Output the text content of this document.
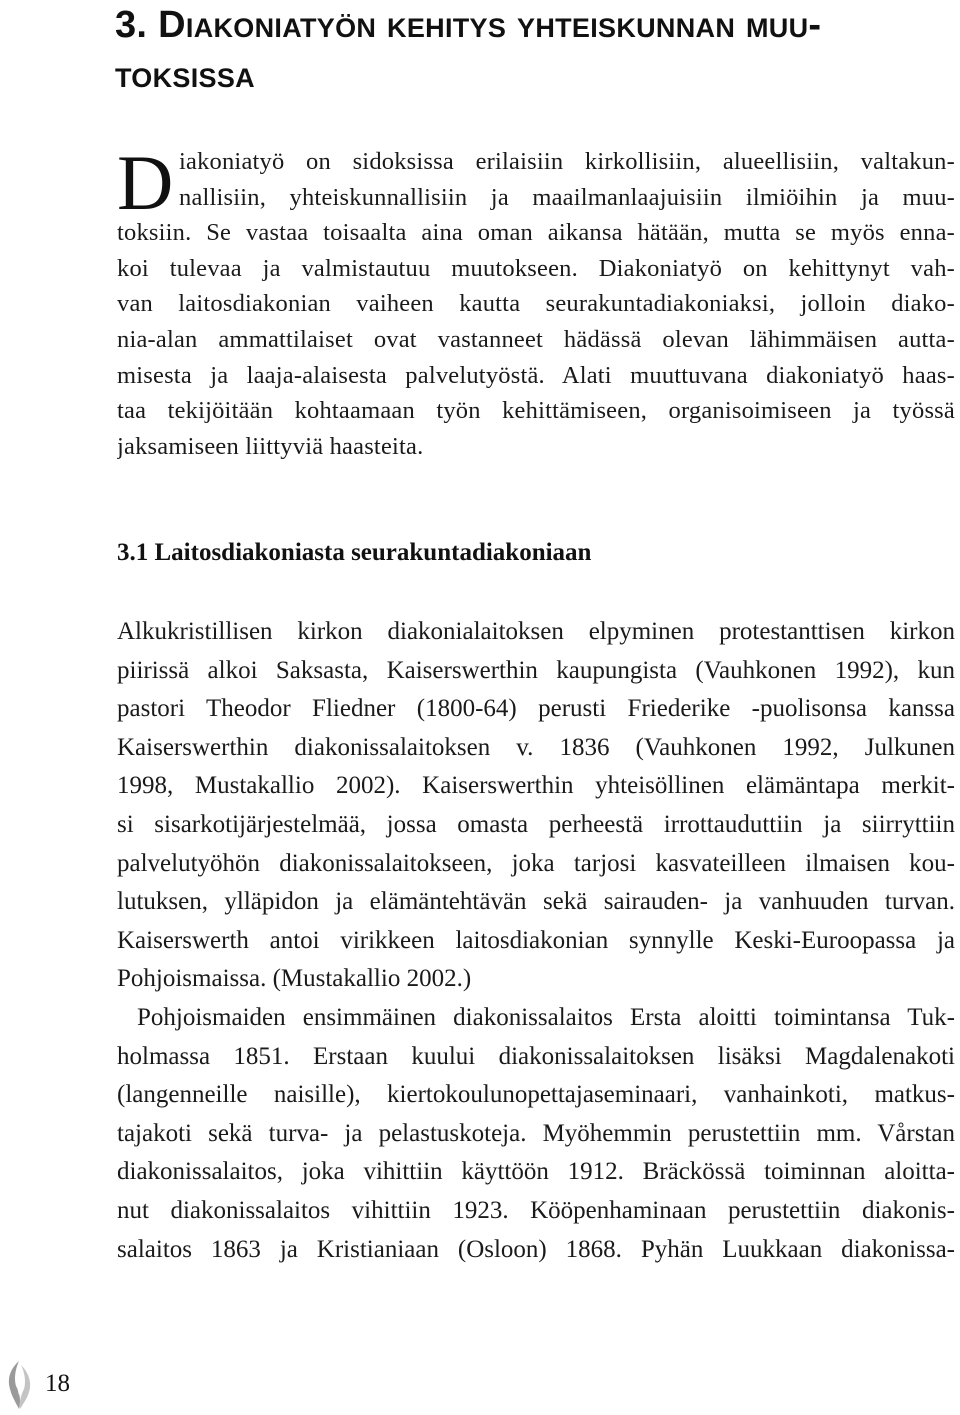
3. Diakoniatyön kehitys yhteiskunnan muu-
toksissa
D iakoniatyö on sidoksissa erilaisiin kirkollisiin, alueellisiin, valtakun-
nallisiin, yhteiskunnallisiin ja maailmanlaajuisiin ilmiöihin ja muu-
toksiin. Se vastaa toisaalta aina oman aikansa hätään, mutta se myös enna-
koi tulevaa ja valmistautuu muutokseen. Diakoniatyö on kehittynyt vah-
van laitosdiakonian vaiheen kautta seurakuntadiakoniaksi, jolloin diako-
nia-alan ammattilaiset ovat vastanneet hädässä olevan lähimmäisen autta-
misesta ja laaja-alaisesta palvelutyöstä. Alati muuttuvana diakoniatyö haas-
taa tekijöitään kohtaamaan työn kehittämiseen, organisoimiseen ja työssä
jaksamiseen liittyviä haasteita.
3.1 Laitosdiakoniasta seurakuntadiakoniaan
Alkukristillisen kirkon diakonialaitoksen elpyminen protestanttisen kirkon
piirissä alkoi Saksasta, Kaiserswerthin kaupungista (Vauhkonen 1992), kun
pastori Theodor Fliedner (1800-64) perusti Friederike -puolisonsa kanssa
Kaiserswerthin diakonissalaitoksen v. 1836 (Vauhkonen 1992, Julkunen
1998, Mustakallio 2002). Kaiserswerthin yhteisöllinen elämäntapa merkit-
si sisarkotijärjestelmää, jossa omasta perheestä irrottauduttiin ja siirryttiin
palvelutyöhön diakonissalaitokseen, joka tarjosi kasvateilleen ilmaisen kou-
lutuksen, ylläpidon ja elämäntehtävän sekä sairauden- ja vanhuuden turvan.
Kaiserswerth antoi virikkeen laitosdiakonian synnylle Keski-Euroopassa ja
Pohjoismaissa. (Mustakallio 2002.)
Pohjoismaiden ensimmäinen diakonissalaitos Ersta aloitti toimintansa Tuk-
holmassa 1851. Erstaan kuului diakonissalaitoksen lisäksi Magdalenakoti
(langenneille naisille), kiertokoulunopettajaseminaari, vanhainkoti, matkus-
tajakoti sekä turva- ja pelastuskoteja. Myöhemmin perustettiin mm. Vårstan
diakonissalaitos, joka vihittiin käyttöön 1912. Bräckössä toiminnan aloitta-
nut diakonissalaitos vihittiin 1923. Kööpenhaminaan perustettiin diakonis-
salaitos 1863 ja Kristianiaan (Osloon) 1868. Pyhän Luukkaan diakonissa-
18
